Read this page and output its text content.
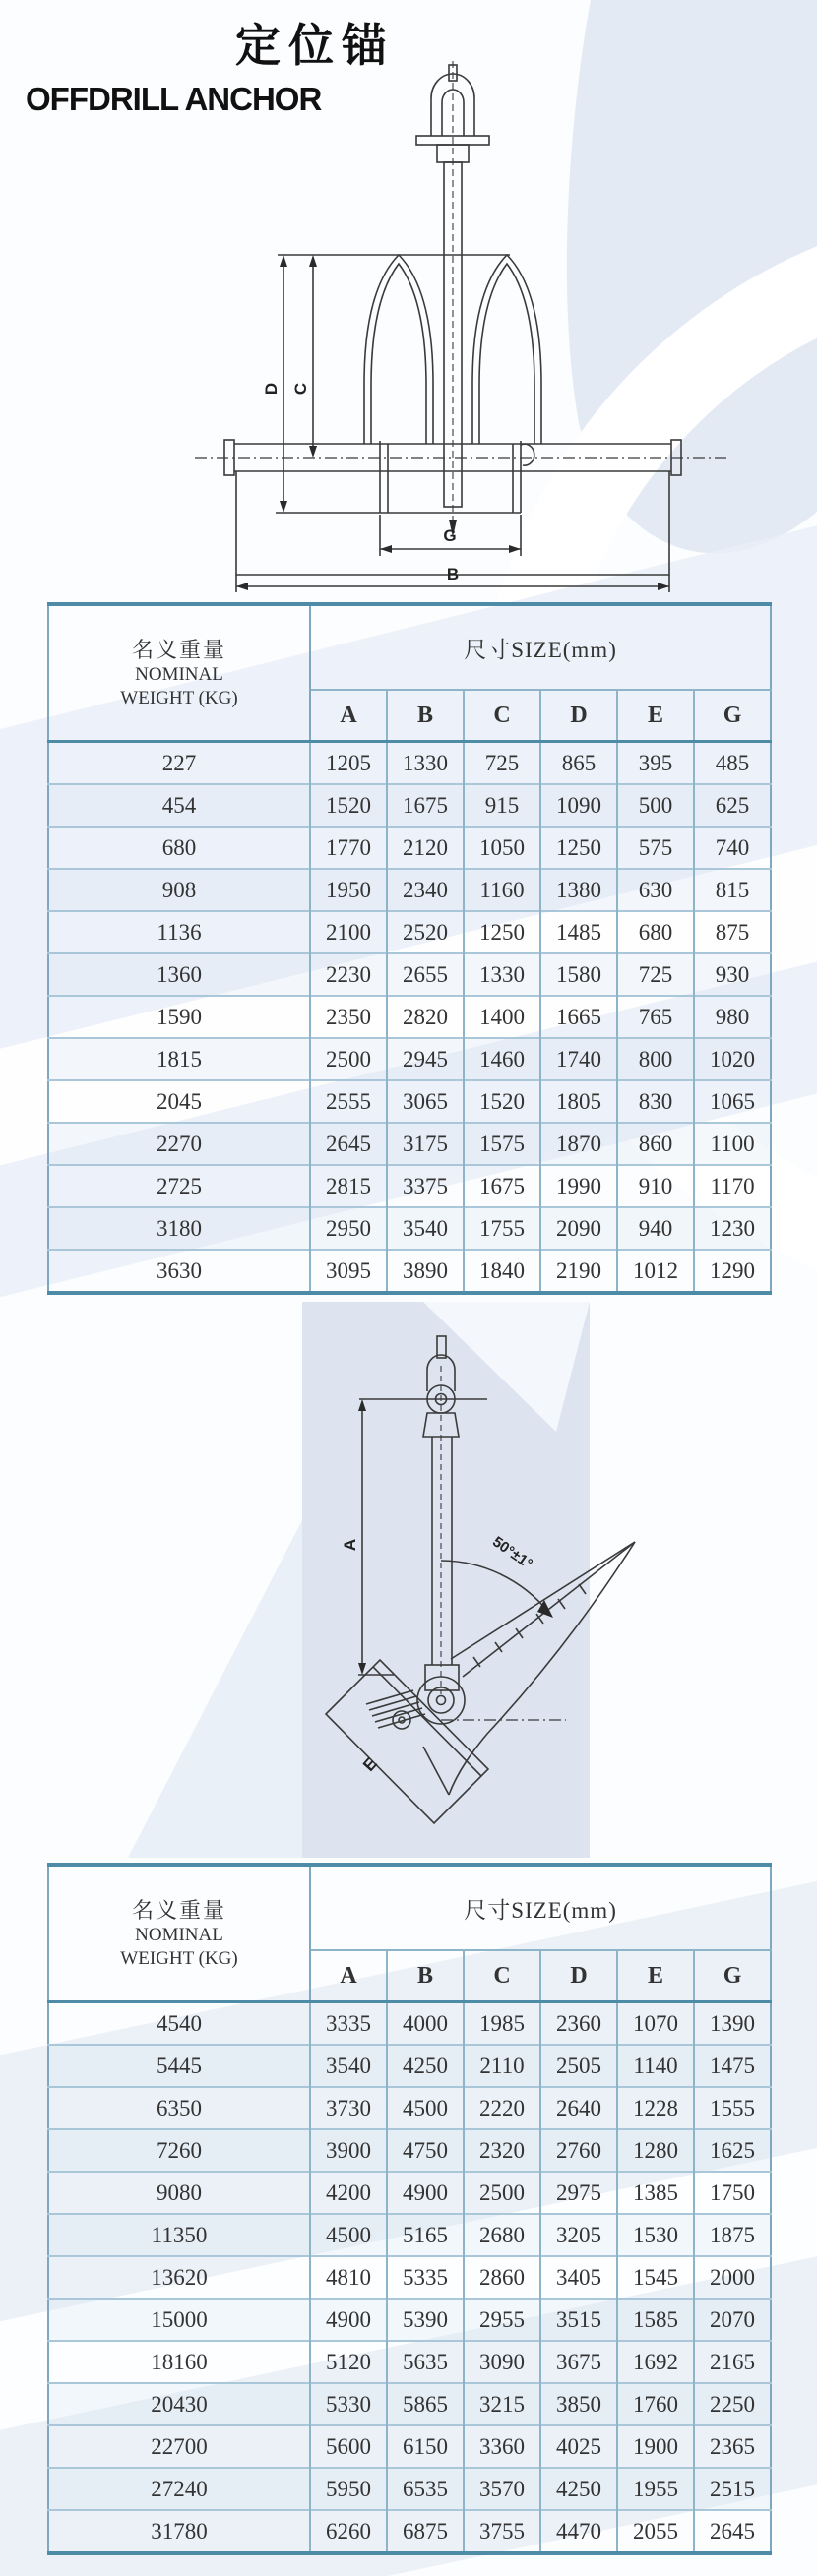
定位锚
OFFDRILL ANCHOR
D C
G
B
名义重量
NOMINAL
WEIGHT (KG)	尺寸SIZE(mm)					
	A	B	C	D	E	G
227	1205	1330	725	865	395	485
454	1520	1675	915	1090	500	625
680	1770	2120	1050	1250	575	740
908	1950	2340	1160	1380	630	815
1136	2100	2520	1250	1485	680	875
1360	2230	2655	1330	1580	725	930
1590	2350	2820	1400	1665	765	980
1815	2500	2945	1460	1740	800	1020
2045	2555	3065	1520	1805	830	1065
2270	2645	3175	1575	1870	860	1100
2725	2815	3375	1675	1990	910	1170
3180	2950	3540	1755	2090	940	1230
3630	3095	3890	1840	2190	1012	1290
E
A	50°±1°
名义重量
NOMINAL
WEIGHT (KG)	尺寸SIZE(mm)					
	A	B	C	D	E	G
4540	3335	4000	1985	2360	1070	1390
5445	3540	4250	2110	2505	1140	1475
6350	3730	4500	2220	2640	1228	1555
7260	3900	4750	2320	2760	1280	1625
9080	4200	4900	2500	2975	1385	1750
11350	4500	5165	2680	3205	1530	1875
13620	4810	5335	2860	3405	1545	2000
15000	4900	5390	2955	3515	1585	2070
18160	5120	5635	3090	3675	1692	2165
20430	5330	5865	3215	3850	1760	2250
22700	5600	6150	3360	4025	1900	2365
27240	5950	6535	3570	4250	1955	2515
31780	6260	6875	3755	4470	2055	2645
